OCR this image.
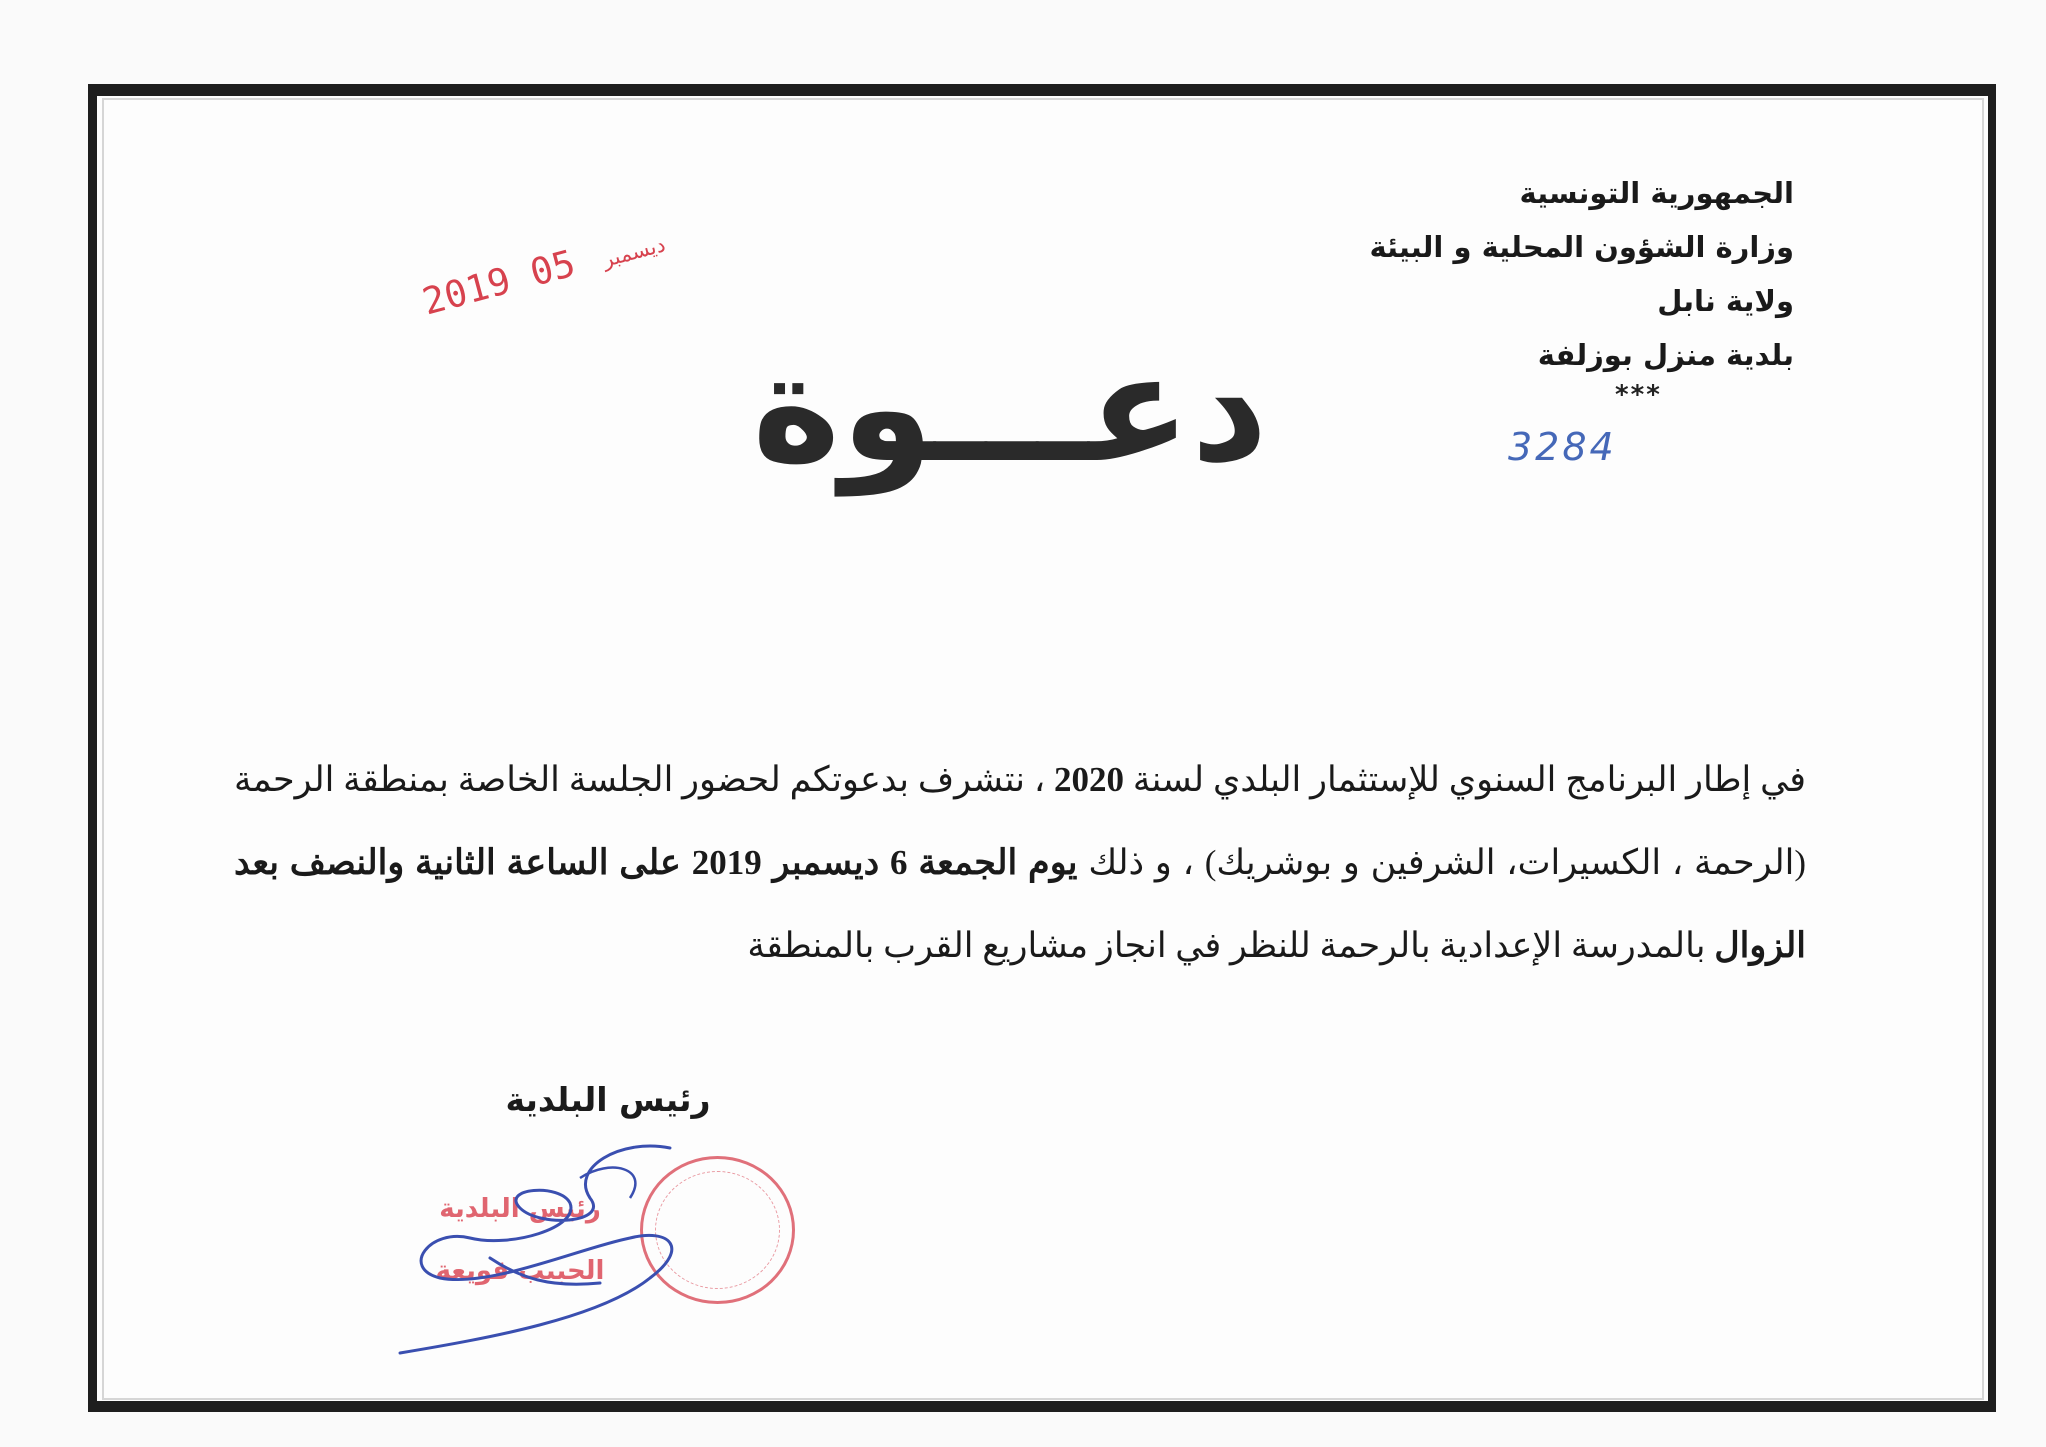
الجمهورية التونسية
وزارة الشؤون المحلية و البيئة
ولاية نابل
بلدية منزل بوزلفة
***
3284
2019 ديسمبر 05
دعـــوة
في إطار البرنامج السنوي للإستثمار البلدي لسنة 2020 ، نتشرف بدعوتكم لحضور الجلسة الخاصة بمنطقة الرحمة (الرحمة ، الكسيرات، الشرفين و بوشريك) ، و ذلك يوم الجمعة 6 ديسمبر 2019 على الساعة الثانية والنصف بعد الزوال بالمدرسة الإعدادية بالرحمة للنظر في انجاز مشاريع القرب بالمنطقة
رئيس البلدية
رئيس البلدية
الحبيب قويعة
